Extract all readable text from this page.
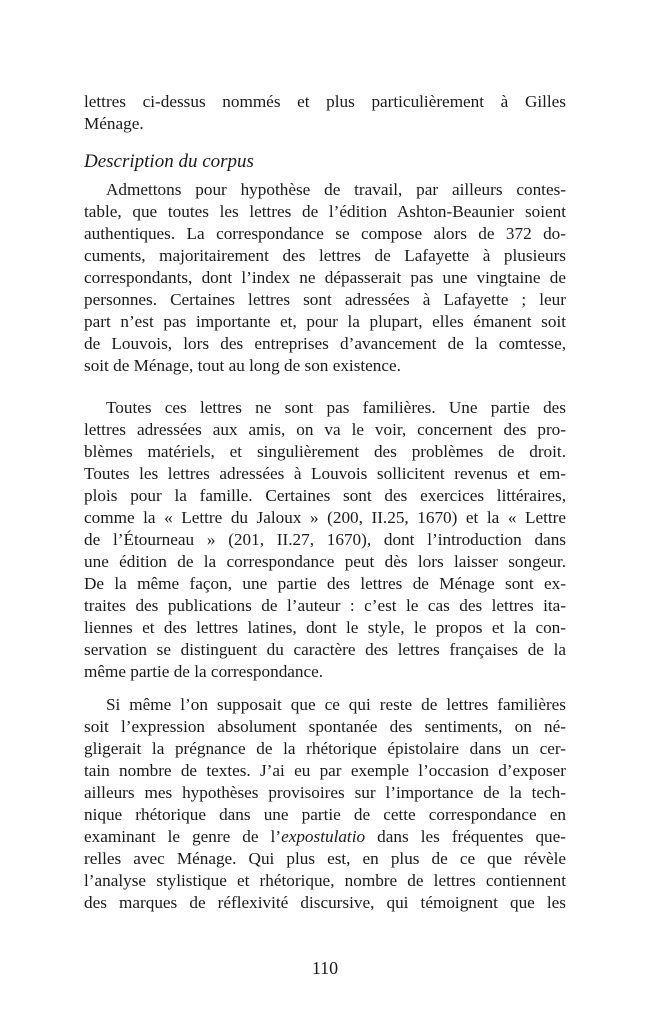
lettres ci-dessus nommés et plus particulièrement à Gilles
Ménage.
Description du corpus
Admettons pour hypothèse de travail, par ailleurs contes-
table, que toutes les lettres de l’édition Ashton-Beaunier soient
authentiques. La correspondance se compose alors de 372 do-
cuments, majoritairement des lettres de Lafayette à plusieurs
correspondants, dont l’index ne dépasserait pas une vingtaine de
personnes. Certaines lettres sont adressées à Lafayette ; leur
part n’est pas importante et, pour la plupart, elles émanent soit
de Louvois, lors des entreprises d’avancement de la comtesse,
soit de Ménage, tout au long de son existence.
Toutes ces lettres ne sont pas familières. Une partie des
lettres adressées aux amis, on va le voir, concernent des pro-
blèmes matériels, et singulièrement des problèmes de droit.
Toutes les lettres adressées à Louvois sollicitent revenus et em-
plois pour la famille. Certaines sont des exercices littéraires,
comme la « Lettre du Jaloux » (200, II.25, 1670) et la « Lettre
de l’Étourneau » (201, II.27, 1670), dont l’introduction dans
une édition de la correspondance peut dès lors laisser songeur.
De la même façon, une partie des lettres de Ménage sont ex-
traites des publications de l’auteur : c’est le cas des lettres ita-
liennes et des lettres latines, dont le style, le propos et la con-
servation se distinguent du caractère des lettres françaises de la
même partie de la correspondance.
Si même l’on supposait que ce qui reste de lettres familières
soit l’expression absolument spontanée des sentiments, on né-
gligerait la prégnance de la rhétorique épistolaire dans un cer-
tain nombre de textes. J’ai eu par exemple l’occasion d’exposer
ailleurs mes hypothèses provisoires sur l’importance de la tech-
nique rhétorique dans une partie de cette correspondance en
examinant le genre de l’expostulatio dans les fréquentes que-
relles avec Ménage. Qui plus est, en plus de ce que révèle
l’analyse stylistique et rhétorique, nombre de lettres contiennent
des marques de réflexivité discursive, qui témoignent que les
110
